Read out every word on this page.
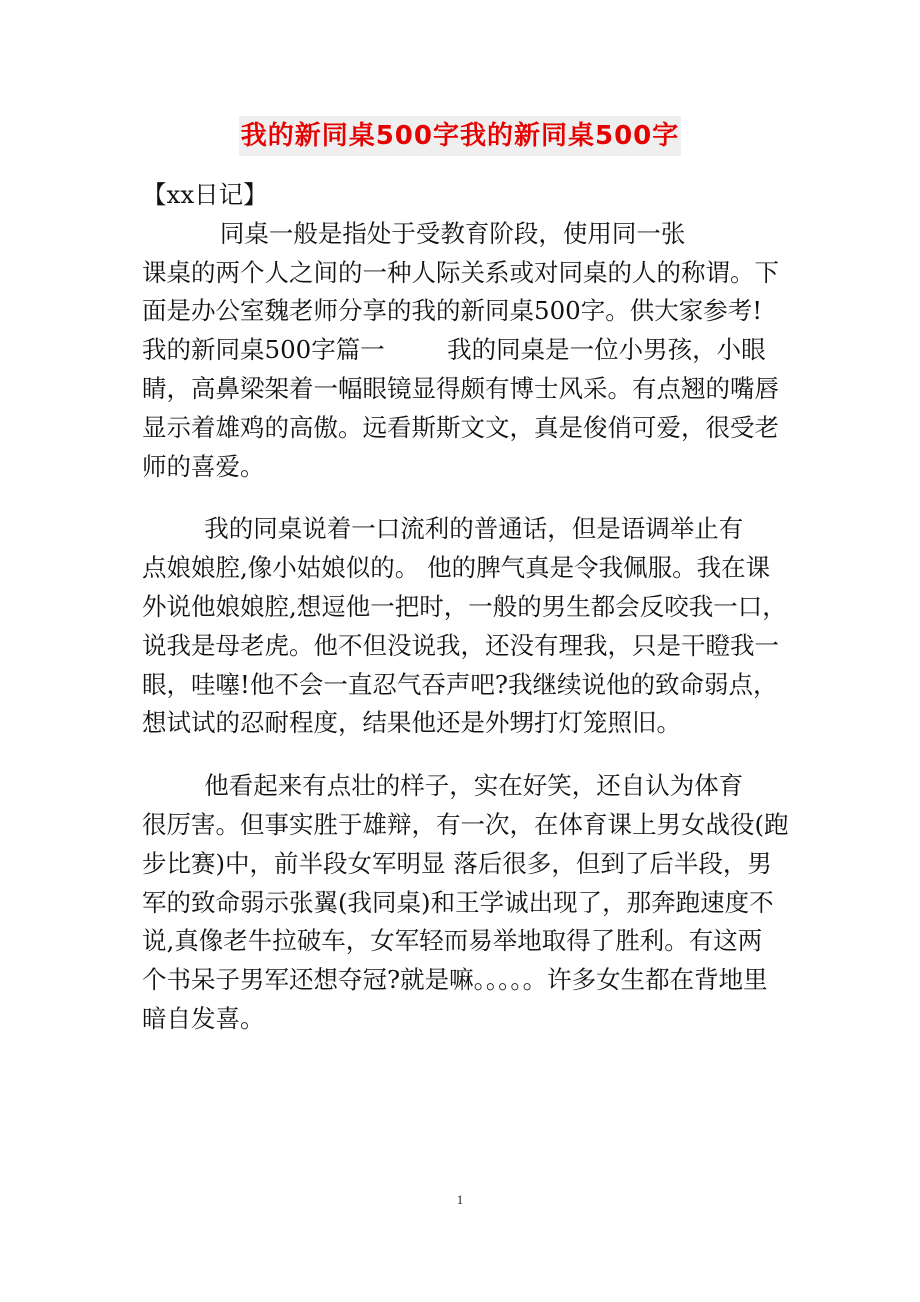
我的新同桌500字我的新同桌500字
【xx日记】
同桌一般是指处于受教育阶段，使用同一张
课桌的两个人之间的一种人际关系或对同桌的人的称谓。下
面是办公室魏老师分享的我的新同桌500字。供大家参考!
我的新同桌500字篇一        我的同桌是一位小男孩，小眼
睛，高鼻梁架着一幅眼镜显得颇有博士风采。有点翘的嘴唇
显示着雄鸡的高傲。远看斯斯文文，真是俊俏可爱，很受老
师的喜爱。
我的同桌说着一口流利的普通话，但是语调举止有
点娘娘腔,像小姑娘似的。 他的脾气真是令我佩服。我在课
外说他娘娘腔,想逗他一把时，一般的男生都会反咬我一口，
说我是母老虎。他不但没说我，还没有理我，只是干瞪我一
眼，哇噻!他不会一直忍气吞声吧?我继续说他的致命弱点，
想试试的忍耐程度，结果他还是外甥打灯笼照旧。
他看起来有点壮的样子，实在好笑，还自认为体育
很厉害。但事实胜于雄辩，有一次，在体育课上男女战役(跑
步比赛)中，前半段女军明显 落后很多，但到了后半段，男
军的致命弱示张翼(我同桌)和王学诚出现了，那奔跑速度不
说,真像老牛拉破车，女军轻而易举地取得了胜利。有这两
个书呆子男军还想夺冠?就是嘛。。。。。许多女生都在背地里
暗自发喜。
1
